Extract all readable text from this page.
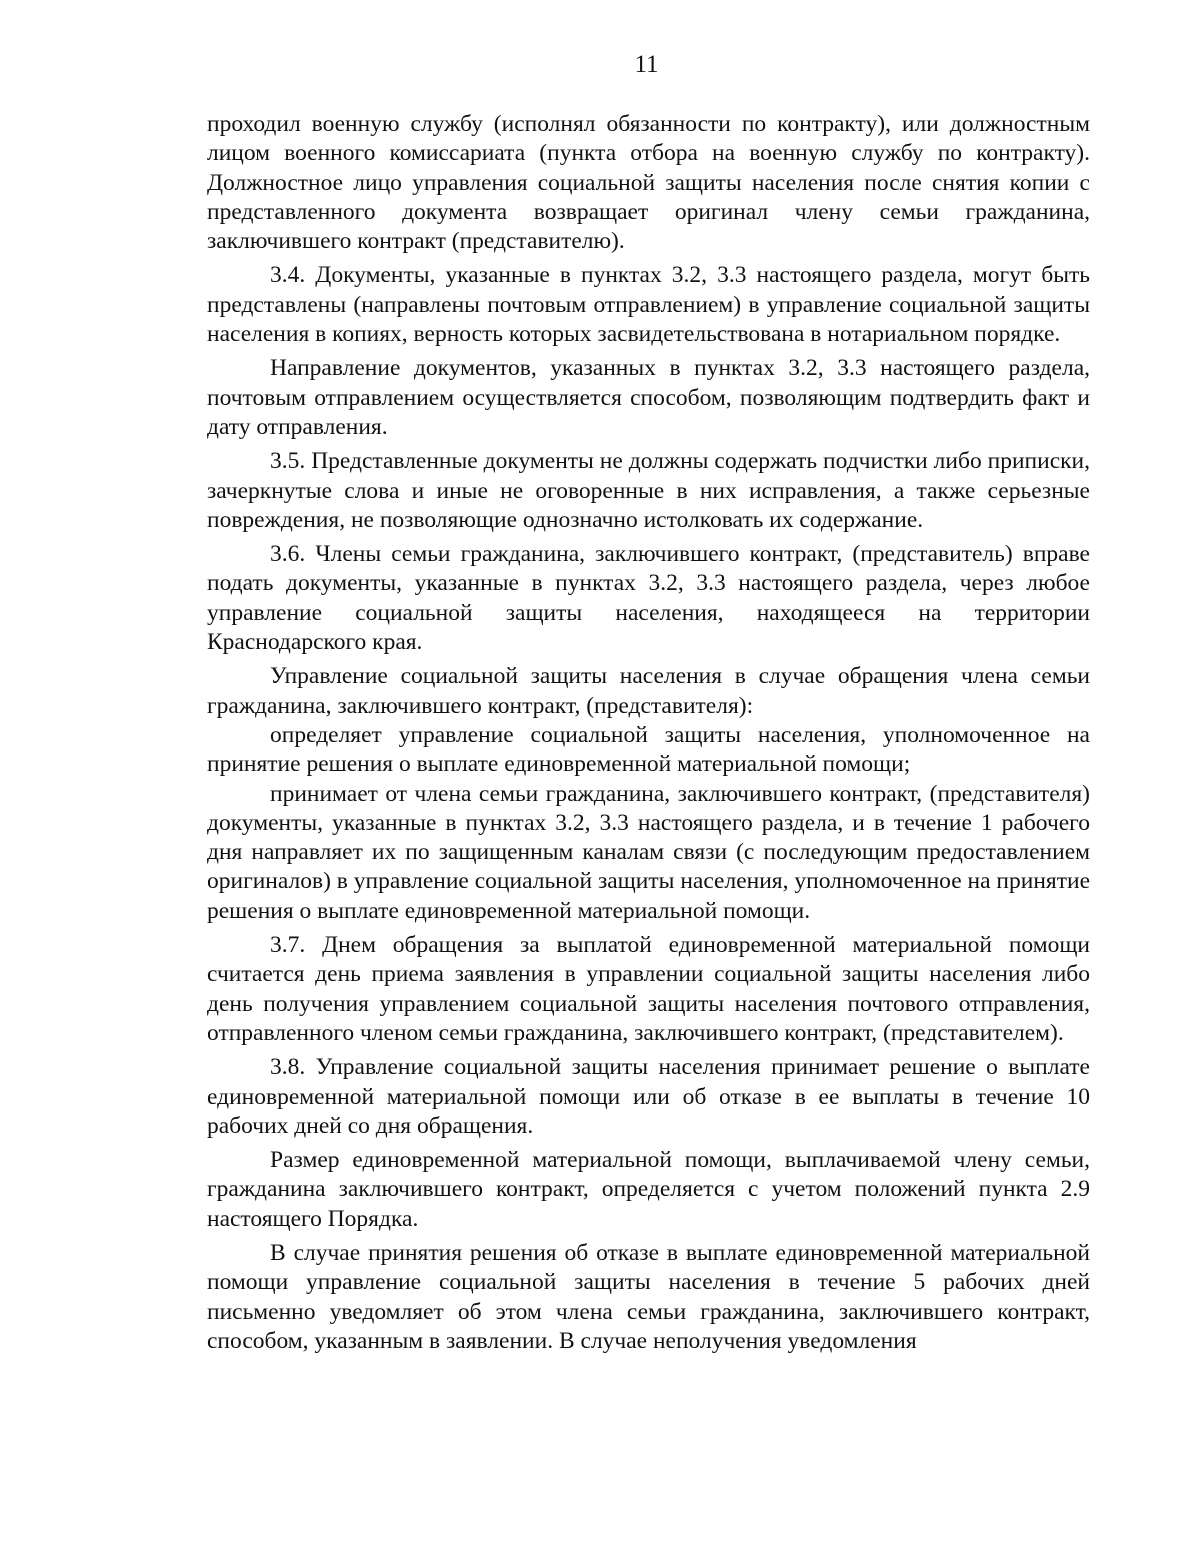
11

проходил военную службу (исполнял обязанности по контракту), или должностным лицом военного комиссариата (пункта отбора на военную службу по контракту). Должностное лицо управления социальной защиты населения после снятия копии с представленного документа возвращает оригинал члену семьи гражданина, заключившего контракт (представителю).

3.4. Документы, указанные в пунктах 3.2, 3.3 настоящего раздела, могут быть представлены (направлены почтовым отправлением) в управление социальной защиты населения в копиях, верность которых засвидетельствована в нотариальном порядке.

Направление документов, указанных в пунктах 3.2, 3.3 настоящего раздела, почтовым отправлением осуществляется способом, позволяющим подтвердить факт и дату отправления.

3.5. Представленные документы не должны содержать подчистки либо приписки, зачеркнутые слова и иные не оговоренные в них исправления, а также серьезные повреждения, не позволяющие однозначно истолковать их содержание.

3.6. Члены семьи гражданина, заключившего контракт, (представитель) вправе подать документы, указанные в пунктах 3.2, 3.3 настоящего раздела, через любое управление социальной защиты населения, находящееся на территории Краснодарского края.

Управление социальной защиты населения в случае обращения члена семьи гражданина, заключившего контракт, (представителя):

определяет управление социальной защиты населения, уполномоченное на принятие решения о выплате единовременной материальной помощи;

принимает от члена семьи гражданина, заключившего контракт, (представителя) документы, указанные в пунктах 3.2, 3.3 настоящего раздела, и в течение 1 рабочего дня направляет их по защищенным каналам связи (с последующим предоставлением оригиналов) в управление социальной защиты населения, уполномоченное на принятие решения о выплате единовременной материальной помощи.

3.7. Днем обращения за выплатой единовременной материальной помощи считается день приема заявления в управлении социальной защиты населения либо день получения управлением социальной защиты населения почтового отправления, отправленного членом семьи гражданина, заключившего контракт, (представителем).

3.8. Управление социальной защиты населения принимает решение о выплате единовременной материальной помощи или об отказе в ее выплаты в течение 10 рабочих дней со дня обращения.

Размер единовременной материальной помощи, выплачиваемой члену семьи, гражданина заключившего контракт, определяется с учетом положений пункта 2.9 настоящего Порядка.

В случае принятия решения об отказе в выплате единовременной материальной помощи управление социальной защиты населения в течение 5 рабочих дней письменно уведомляет об этом члена семьи гражданина, заключившего контракт, способом, указанным в заявлении. В случае неполучения уведомления
